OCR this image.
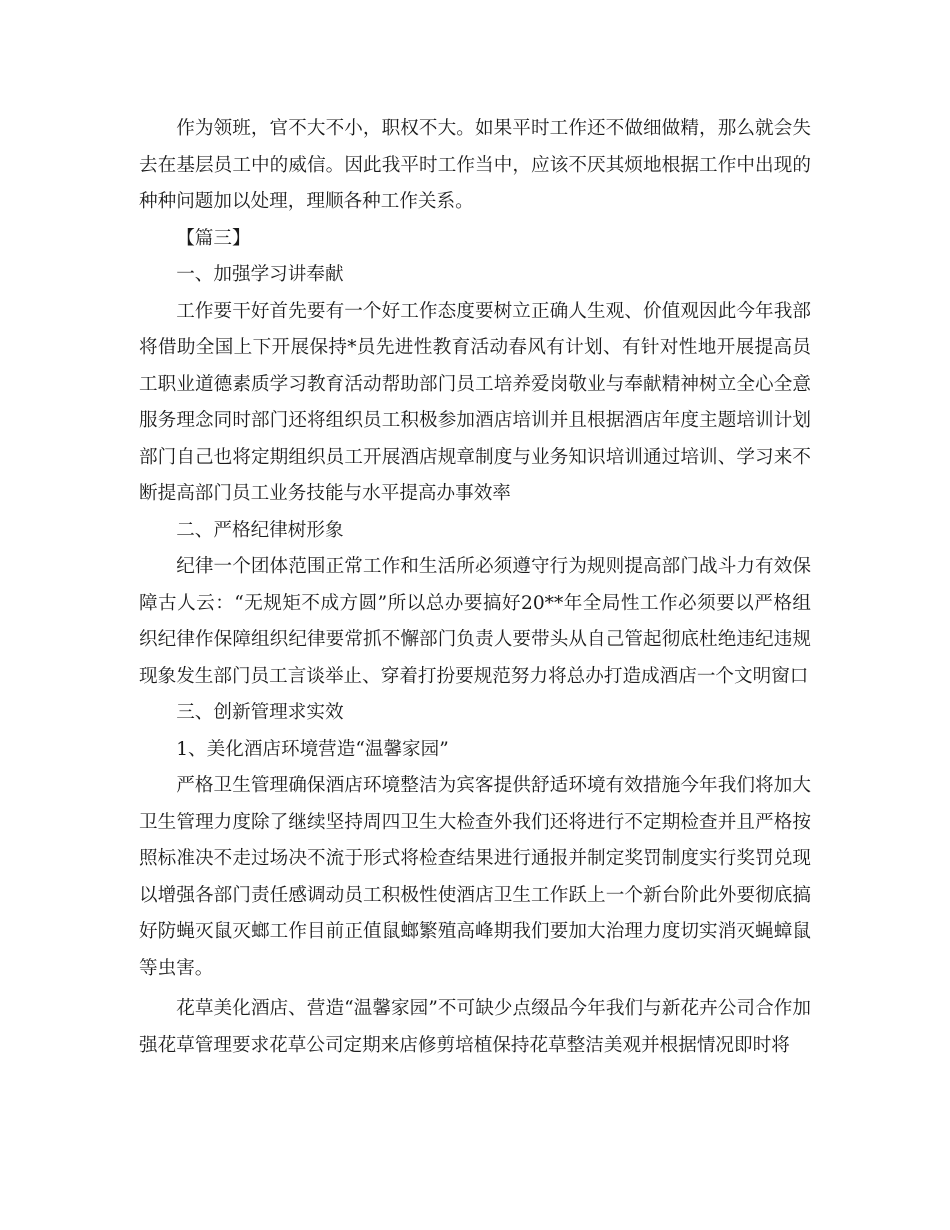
作为领班，官不大不小，职权不大。如果平时工作还不做细做精，那么就会失去在基层员工中的威信。因此我平时工作当中，应该不厌其烦地根据工作中出现的种种问题加以处理，理顺各种工作关系。

【篇三】

一、加强学习讲奉献

工作要干好首先要有一个好工作态度要树立正确人生观、价值观因此今年我部将借助全国上下开展保持*员先进性教育活动春风有计划、有针对性地开展提高员工职业道德素质学习教育活动帮助部门员工培养爱岗敬业与奉献精神树立全心全意服务理念同时部门还将组织员工积极参加酒店培训并且根据酒店年度主题培训计划部门自己也将定期组织员工开展酒店规章制度与业务知识培训通过培训、学习来不断提高部门员工业务技能与水平提高办事效率

二、严格纪律树形象

纪律一个团体范围正常工作和生活所必须遵守行为规则提高部门战斗力有效保障古人云：“无规矩不成方圆”所以总办要搞好20**年全局性工作必须要以严格组织纪律作保障组织纪律要常抓不懈部门负责人要带头从自己管起彻底杜绝违纪违规现象发生部门员工言谈举止、穿着打扮要规范努力将总办打造成酒店一个文明窗口

三、创新管理求实效

1、美化酒店环境营造“温馨家园”

严格卫生管理确保酒店环境整洁为宾客提供舒适环境有效措施今年我们将加大卫生管理力度除了继续坚持周四卫生大检查外我们还将进行不定期检查并且严格按照标准决不走过场决不流于形式将检查结果进行通报并制定奖罚制度实行奖罚兑现以增强各部门责任感调动员工积极性使酒店卫生工作跃上一个新台阶此外要彻底搞好防蝇灭鼠灭螂工作目前正值鼠螂繁殖高峰期我们要加大治理力度切实消灭蝇蟑鼠等虫害。

花草美化酒店、营造“温馨家园”不可缺少点缀品今年我们与新花卉公司合作加强花草管理要求花草公司定期来店修剪培植保持花草整洁美观并根据情况即时将
